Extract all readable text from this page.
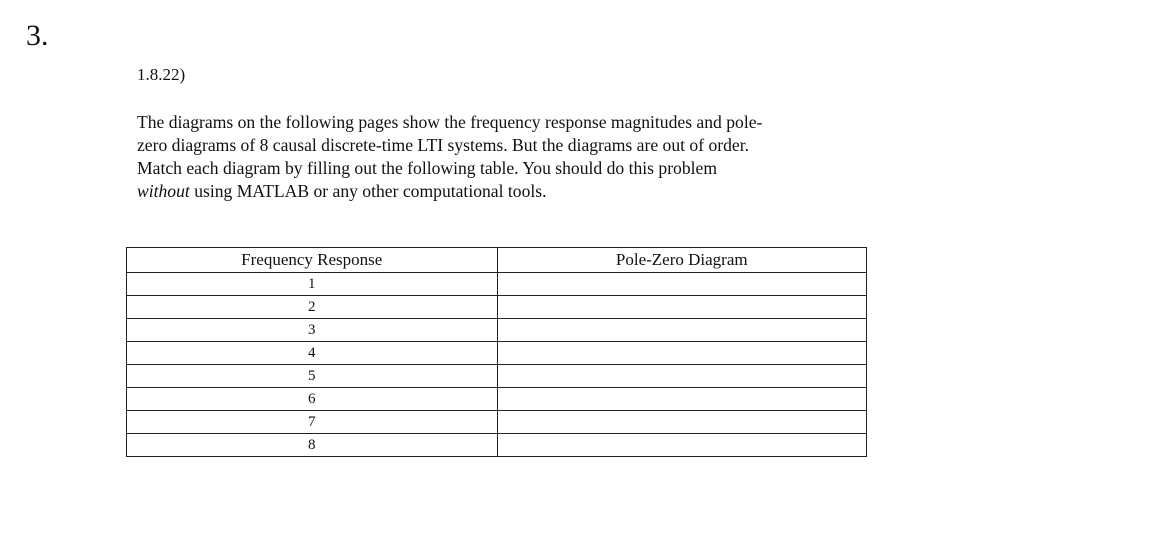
3.
1.8.22)

The diagrams on the following pages show the frequency response magnitudes and pole-

zero diagrams of 8 causal discrete-time LTI systems. But the diagrams are out of order.

Match each diagram by filling out the following table. You should do this problem

without using MATLAB or any other computational tools.

Frequency Response	Pole-Zero Diagram
1	
2	
3	
4	
5	
6	
7	
8	
